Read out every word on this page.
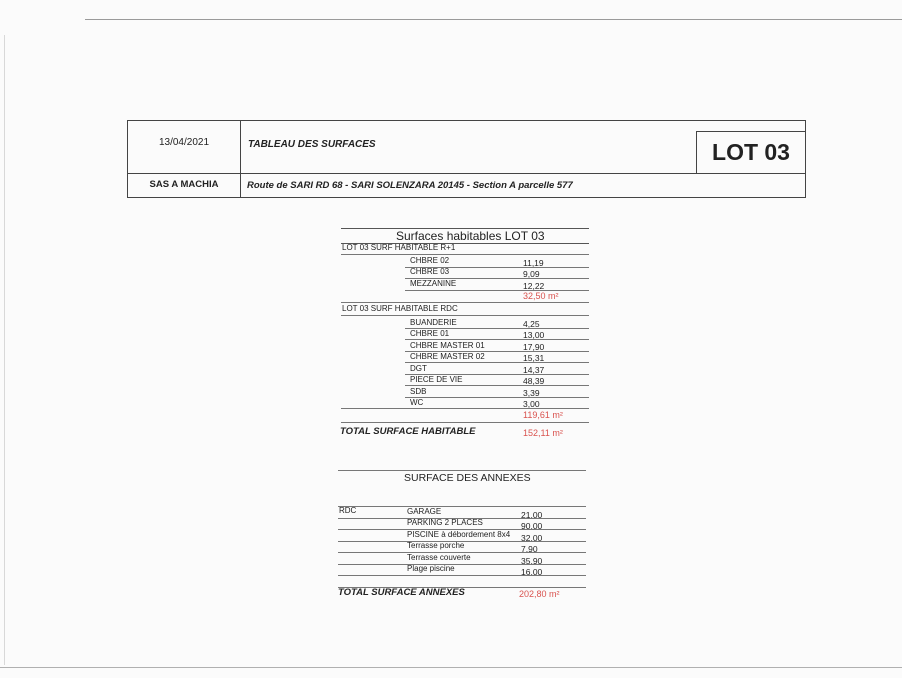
13/04/2021	TABLEAU DES SURFACES	LOT 03
SAS A MACHIA	Route de SARI RD 68 - SARI SOLENZARA 20145 - Section A parcelle 577
Surfaces habitables LOT 03
LOT 03 SURF HABITABLE R+1
CHBRE 02	11,19
CHBRE 03	9,09
MEZZANINE	12,22
32,50 m²
LOT 03 SURF HABITABLE RDC
BUANDERIE	4,25
CHBRE 01	13,00
CHBRE MASTER 01	17,90
CHBRE MASTER 02	15,31
DGT	14,37
PIECE DE VIE	48,39
SDB	3,39
WC	3,00
119,61 m²
TOTAL SURFACE HABITABLE	152,11 m²
SURFACE DES ANNEXES
RDC	GARAGE	21,00
PARKING 2 PLACES	90,00
PISCINE à débordement 8x4 32,00
Terrasse porche	7,90
Terrasse couverte	35,90
Plage piscine	16,00
TOTAL SURFACE ANNEXES	202,80 m²
